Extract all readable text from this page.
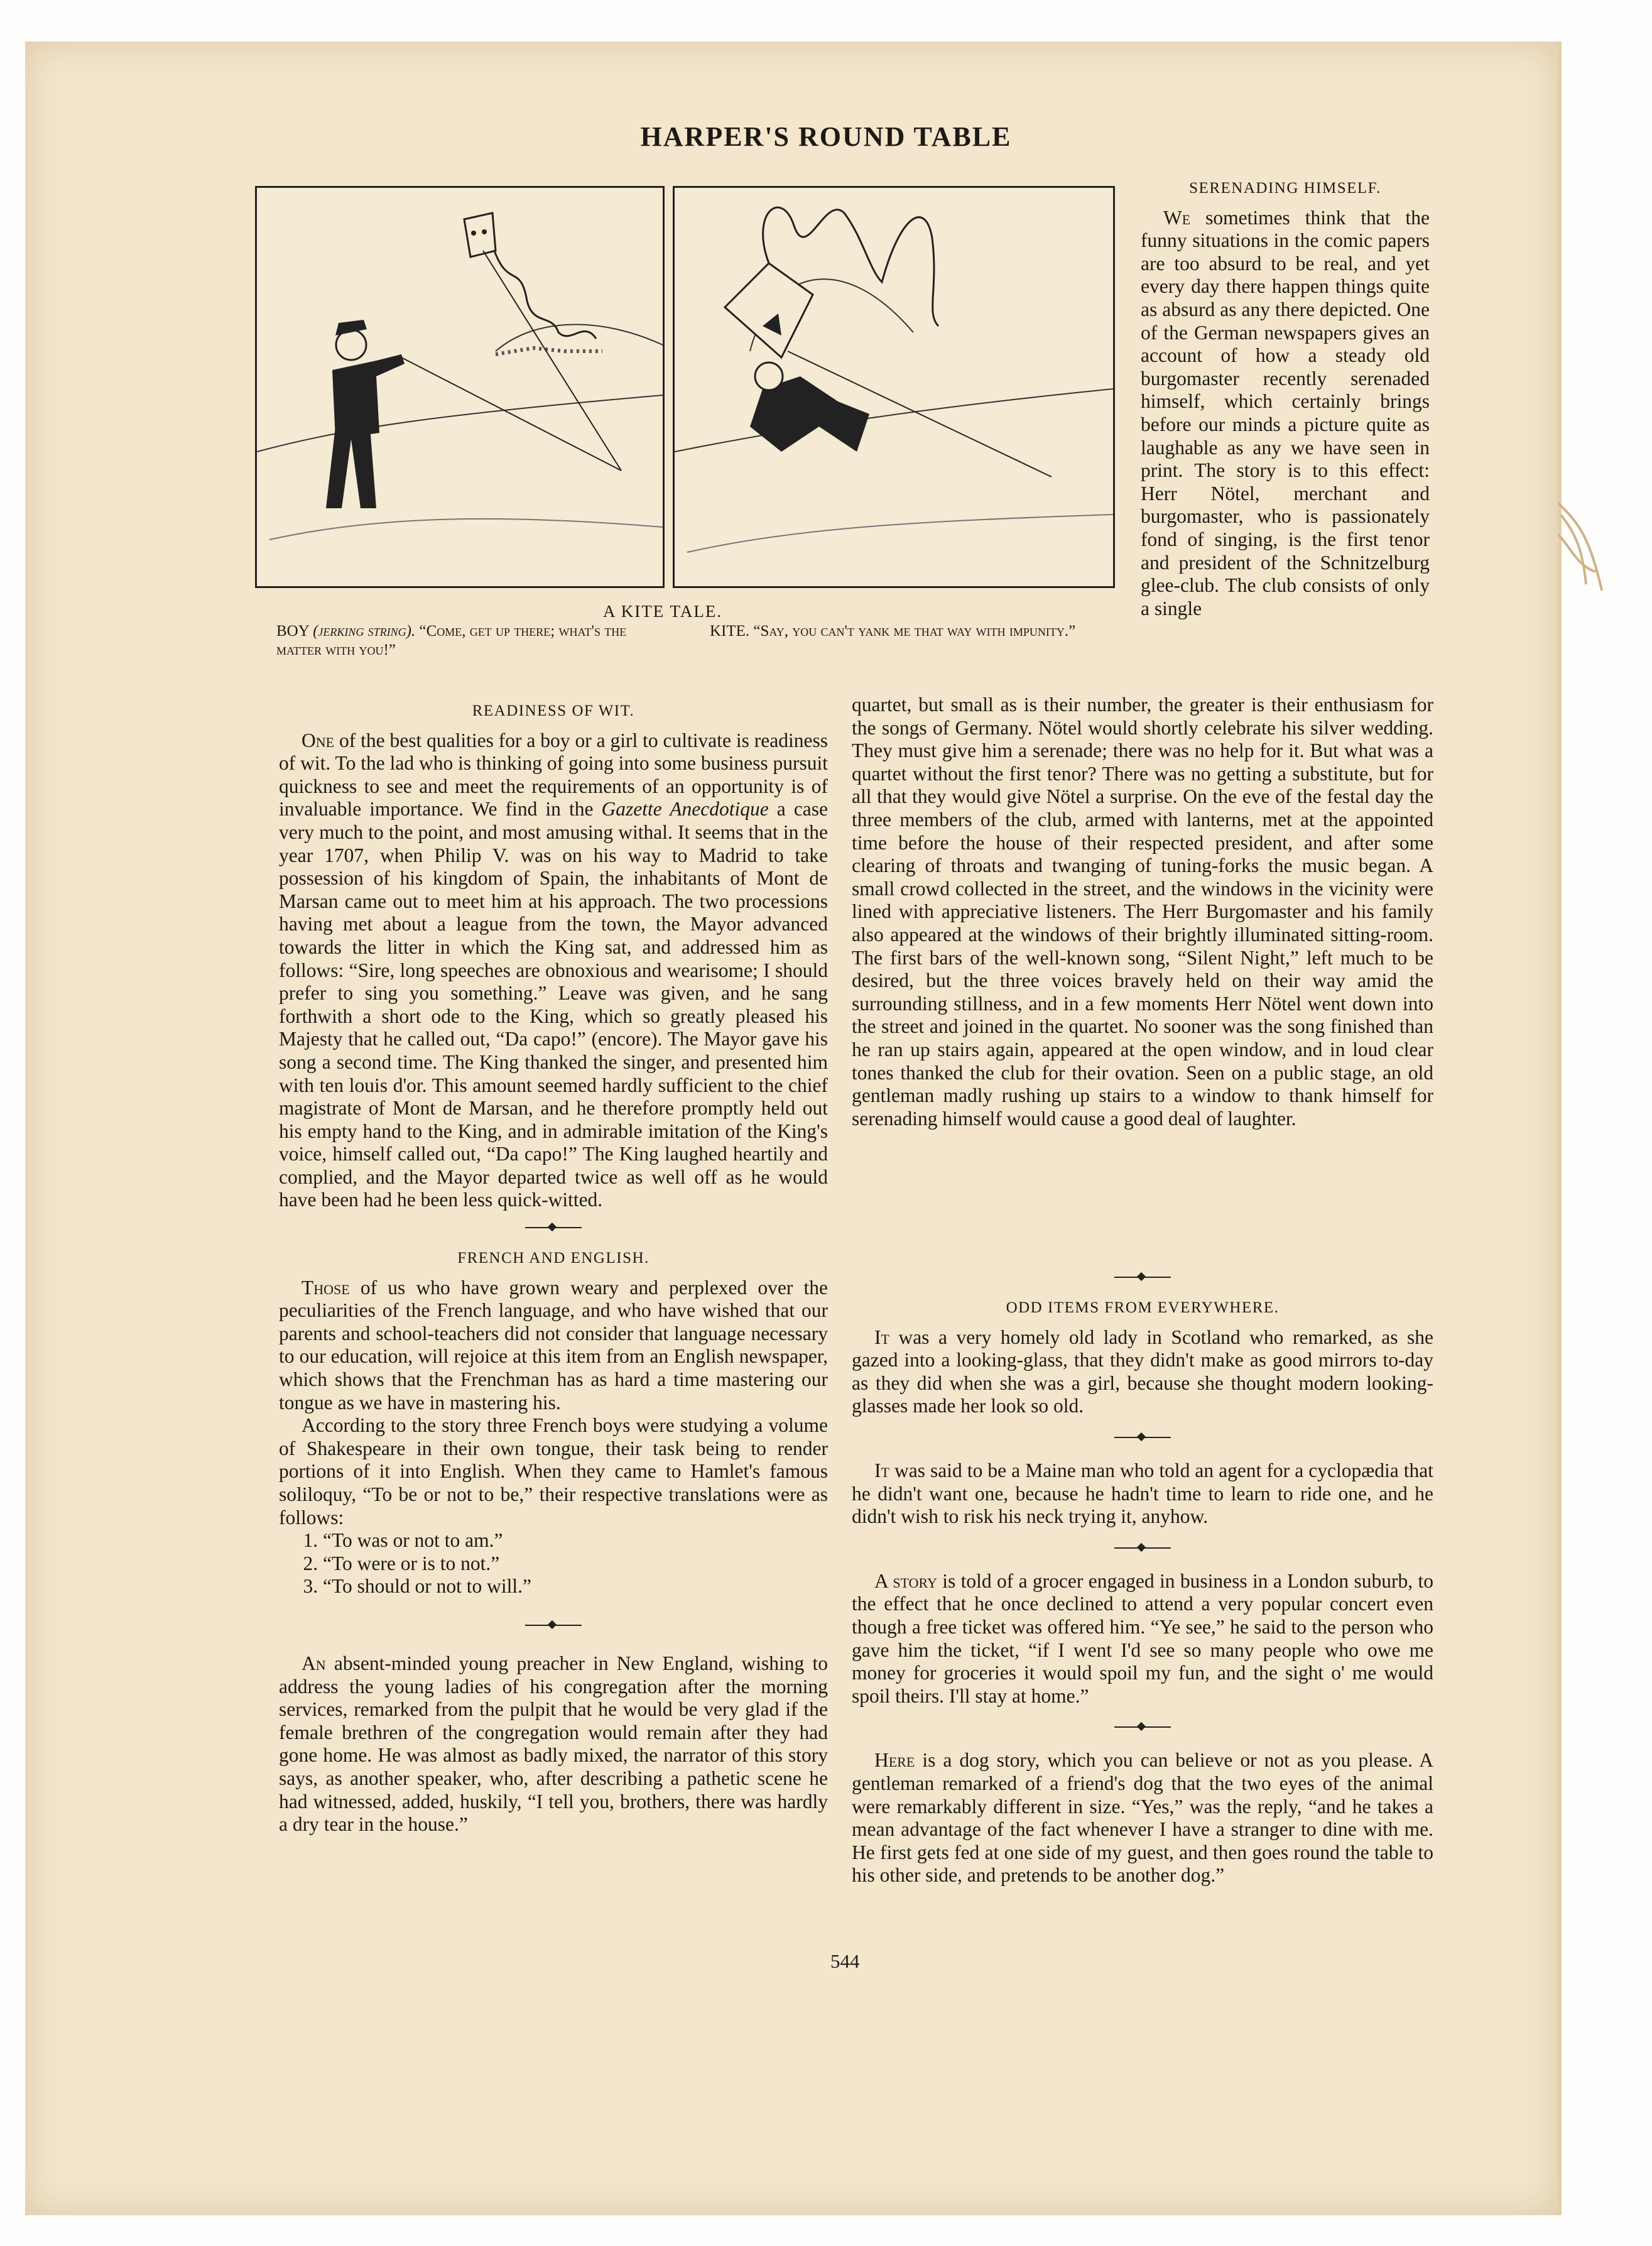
HARPER'S ROUND TABLE
A KITE TALE.
BOY (jerking string). “Come, get up there; what's the matter with you!”
KITE. “Say, you can't yank me that way with impunity.”
SERENADING HIMSELF.

We sometimes think that the funny situations in the comic papers are too absurd to be real, and yet every day there happen things quite as absurd as any there depicted. One of the German newspapers gives an account of how a steady old burgomaster recently serenaded himself, which certainly brings before our minds a picture quite as laughable as any we have seen in print. The story is to this effect: Herr Nötel, merchant and burgomaster, who is passionately fond of singing, is the first tenor and president of the Schnitzelburg glee-club. The club consists of only a single

quartet, but small as is their number, the greater is their enthusiasm for the songs of Germany. Nötel would shortly celebrate his silver wedding. They must give him a serenade; there was no help for it. But what was a quartet without the first tenor? There was no getting a substitute, but for all that they would give Nötel a surprise. On the eve of the festal day the three members of the club, armed with lanterns, met at the appointed time before the house of their respected president, and after some clearing of throats and twanging of tuning-forks the music began. A small crowd collected in the street, and the windows in the vicinity were lined with appreciative listeners. The Herr Burgomaster and his family also appeared at the windows of their brightly illuminated sitting-room. The first bars of the well-known song, “Silent Night,” left much to be desired, but the three voices bravely held on their way amid the surrounding stillness, and in a few moments Herr Nötel went down into the street and joined in the quartet. No sooner was the song finished than he ran up stairs again, appeared at the open window, and in loud clear tones thanked the club for their ovation. Seen on a public stage, an old gentleman madly rushing up stairs to a window to thank himself for serenading himself would cause a good deal of laughter.

READINESS OF WIT.

One of the best qualities for a boy or a girl to cultivate is readiness of wit. To the lad who is thinking of going into some business pursuit quickness to see and meet the requirements of an opportunity is of invaluable importance. We find in the Gazette Anecdotique a case very much to the point, and most amusing withal. It seems that in the year 1707, when Philip V. was on his way to Madrid to take possession of his kingdom of Spain, the inhabitants of Mont de Marsan came out to meet him at his approach. The two processions having met about a league from the town, the Mayor advanced towards the litter in which the King sat, and addressed him as follows: “Sire, long speeches are obnoxious and wearisome; I should prefer to sing you something.” Leave was given, and he sang forthwith a short ode to the King, which so greatly pleased his Majesty that he called out, “Da capo!” (encore). The Mayor gave his song a second time. The King thanked the singer, and presented him with ten louis d'or. This amount seemed hardly sufficient to the chief magistrate of Mont de Marsan, and he therefore promptly held out his empty hand to the King, and in admirable imitation of the King's voice, himself called out, “Da capo!” The King laughed heartily and complied, and the Mayor departed twice as well off as he would have been had he been less quick-witted.

FRENCH AND ENGLISH.

Those of us who have grown weary and perplexed over the peculiarities of the French language, and who have wished that our parents and school-teachers did not consider that language necessary to our education, will rejoice at this item from an English newspaper, which shows that the Frenchman has as hard a time mastering our tongue as we have in mastering his.

According to the story three French boys were studying a volume of Shakespeare in their own tongue, their task being to render portions of it into English. When they came to Hamlet's famous soliloquy, “To be or not to be,” their respective translations were as follows:

1. “To was or not to am.”
2. “To were or is to not.”
3. “To should or not to will.”

An absent-minded young preacher in New England, wishing to address the young ladies of his congregation after the morning services, remarked from the pulpit that he would be very glad if the female brethren of the congregation would remain after they had gone home. He was almost as badly mixed, the narrator of this story says, as another speaker, who, after describing a pathetic scene he had witnessed, added, huskily, “I tell you, brothers, there was hardly a dry tear in the house.”

ODD ITEMS FROM EVERYWHERE.

It was a very homely old lady in Scotland who remarked, as she gazed into a looking-glass, that they didn't make as good mirrors to-day as they did when she was a girl, because she thought modern looking-glasses made her look so old.

It was said to be a Maine man who told an agent for a cyclopædia that he didn't want one, because he hadn't time to learn to ride one, and he didn't wish to risk his neck trying it, anyhow.

A story is told of a grocer engaged in business in a London suburb, to the effect that he once declined to attend a very popular concert even though a free ticket was offered him. “Ye see,” he said to the person who gave him the ticket, “if I went I'd see so many people who owe me money for groceries it would spoil my fun, and the sight o' me would spoil theirs. I'll stay at home.”

Here is a dog story, which you can believe or not as you please. A gentleman remarked of a friend's dog that the two eyes of the animal were remarkably different in size. “Yes,” was the reply, “and he takes a mean advantage of the fact whenever I have a stranger to dine with me. He first gets fed at one side of my guest, and then goes round the table to his other side, and pretends to be another dog.”

544
